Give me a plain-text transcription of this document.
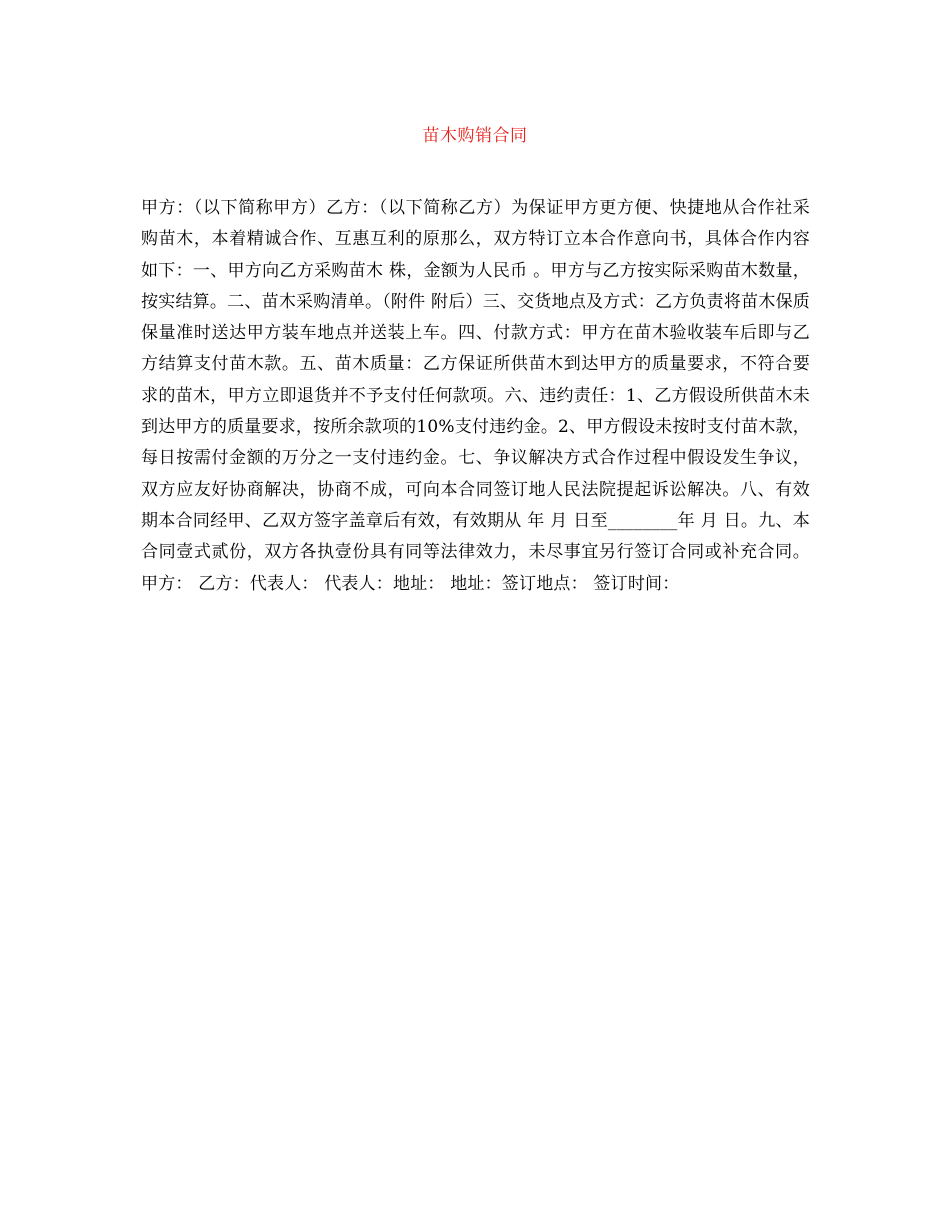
苗木购销合同

甲方：（以下简称甲方）乙方：（以下简称乙方）为保证甲方更方便、快捷地从合作社采购苗木，本着精诚合作、互惠互利的原那么，双方特订立本合作意向书，具体合作内容如下：一、甲方向乙方采购苗木 株，金额为人民币 。甲方与乙方按实际采购苗木数量，按实结算。二、苗木采购清单。（附件 附后）三、交货地点及方式：乙方负责将苗木保质保量准时送达甲方装车地点并送装上车。四、付款方式：甲方在苗木验收装车后即与乙方结算支付苗木款。五、苗木质量：乙方保证所供苗木到达甲方的质量要求，不符合要求的苗木，甲方立即退货并不予支付任何款项。六、违约责任：1、乙方假设所供苗木未到达甲方的质量要求，按所余款项的10%支付违约金。2、甲方假设未按时支付苗木款，每日按需付金额的万分之一支付违约金。七、争议解决方式合作过程中假设发生争议，双方应友好协商解决，协商不成，可向本合同签订地人民法院提起诉讼解决。八、有效期本合同经甲、乙双方签字盖章后有效，有效期从 年 月 日至________年 月 日。九、本合同壹式贰份，双方各执壹份具有同等法律效力，未尽事宜另行签订合同或补充合同。甲方： 乙方：代表人： 代表人：地址： 地址：签订地点： 签订时间：
